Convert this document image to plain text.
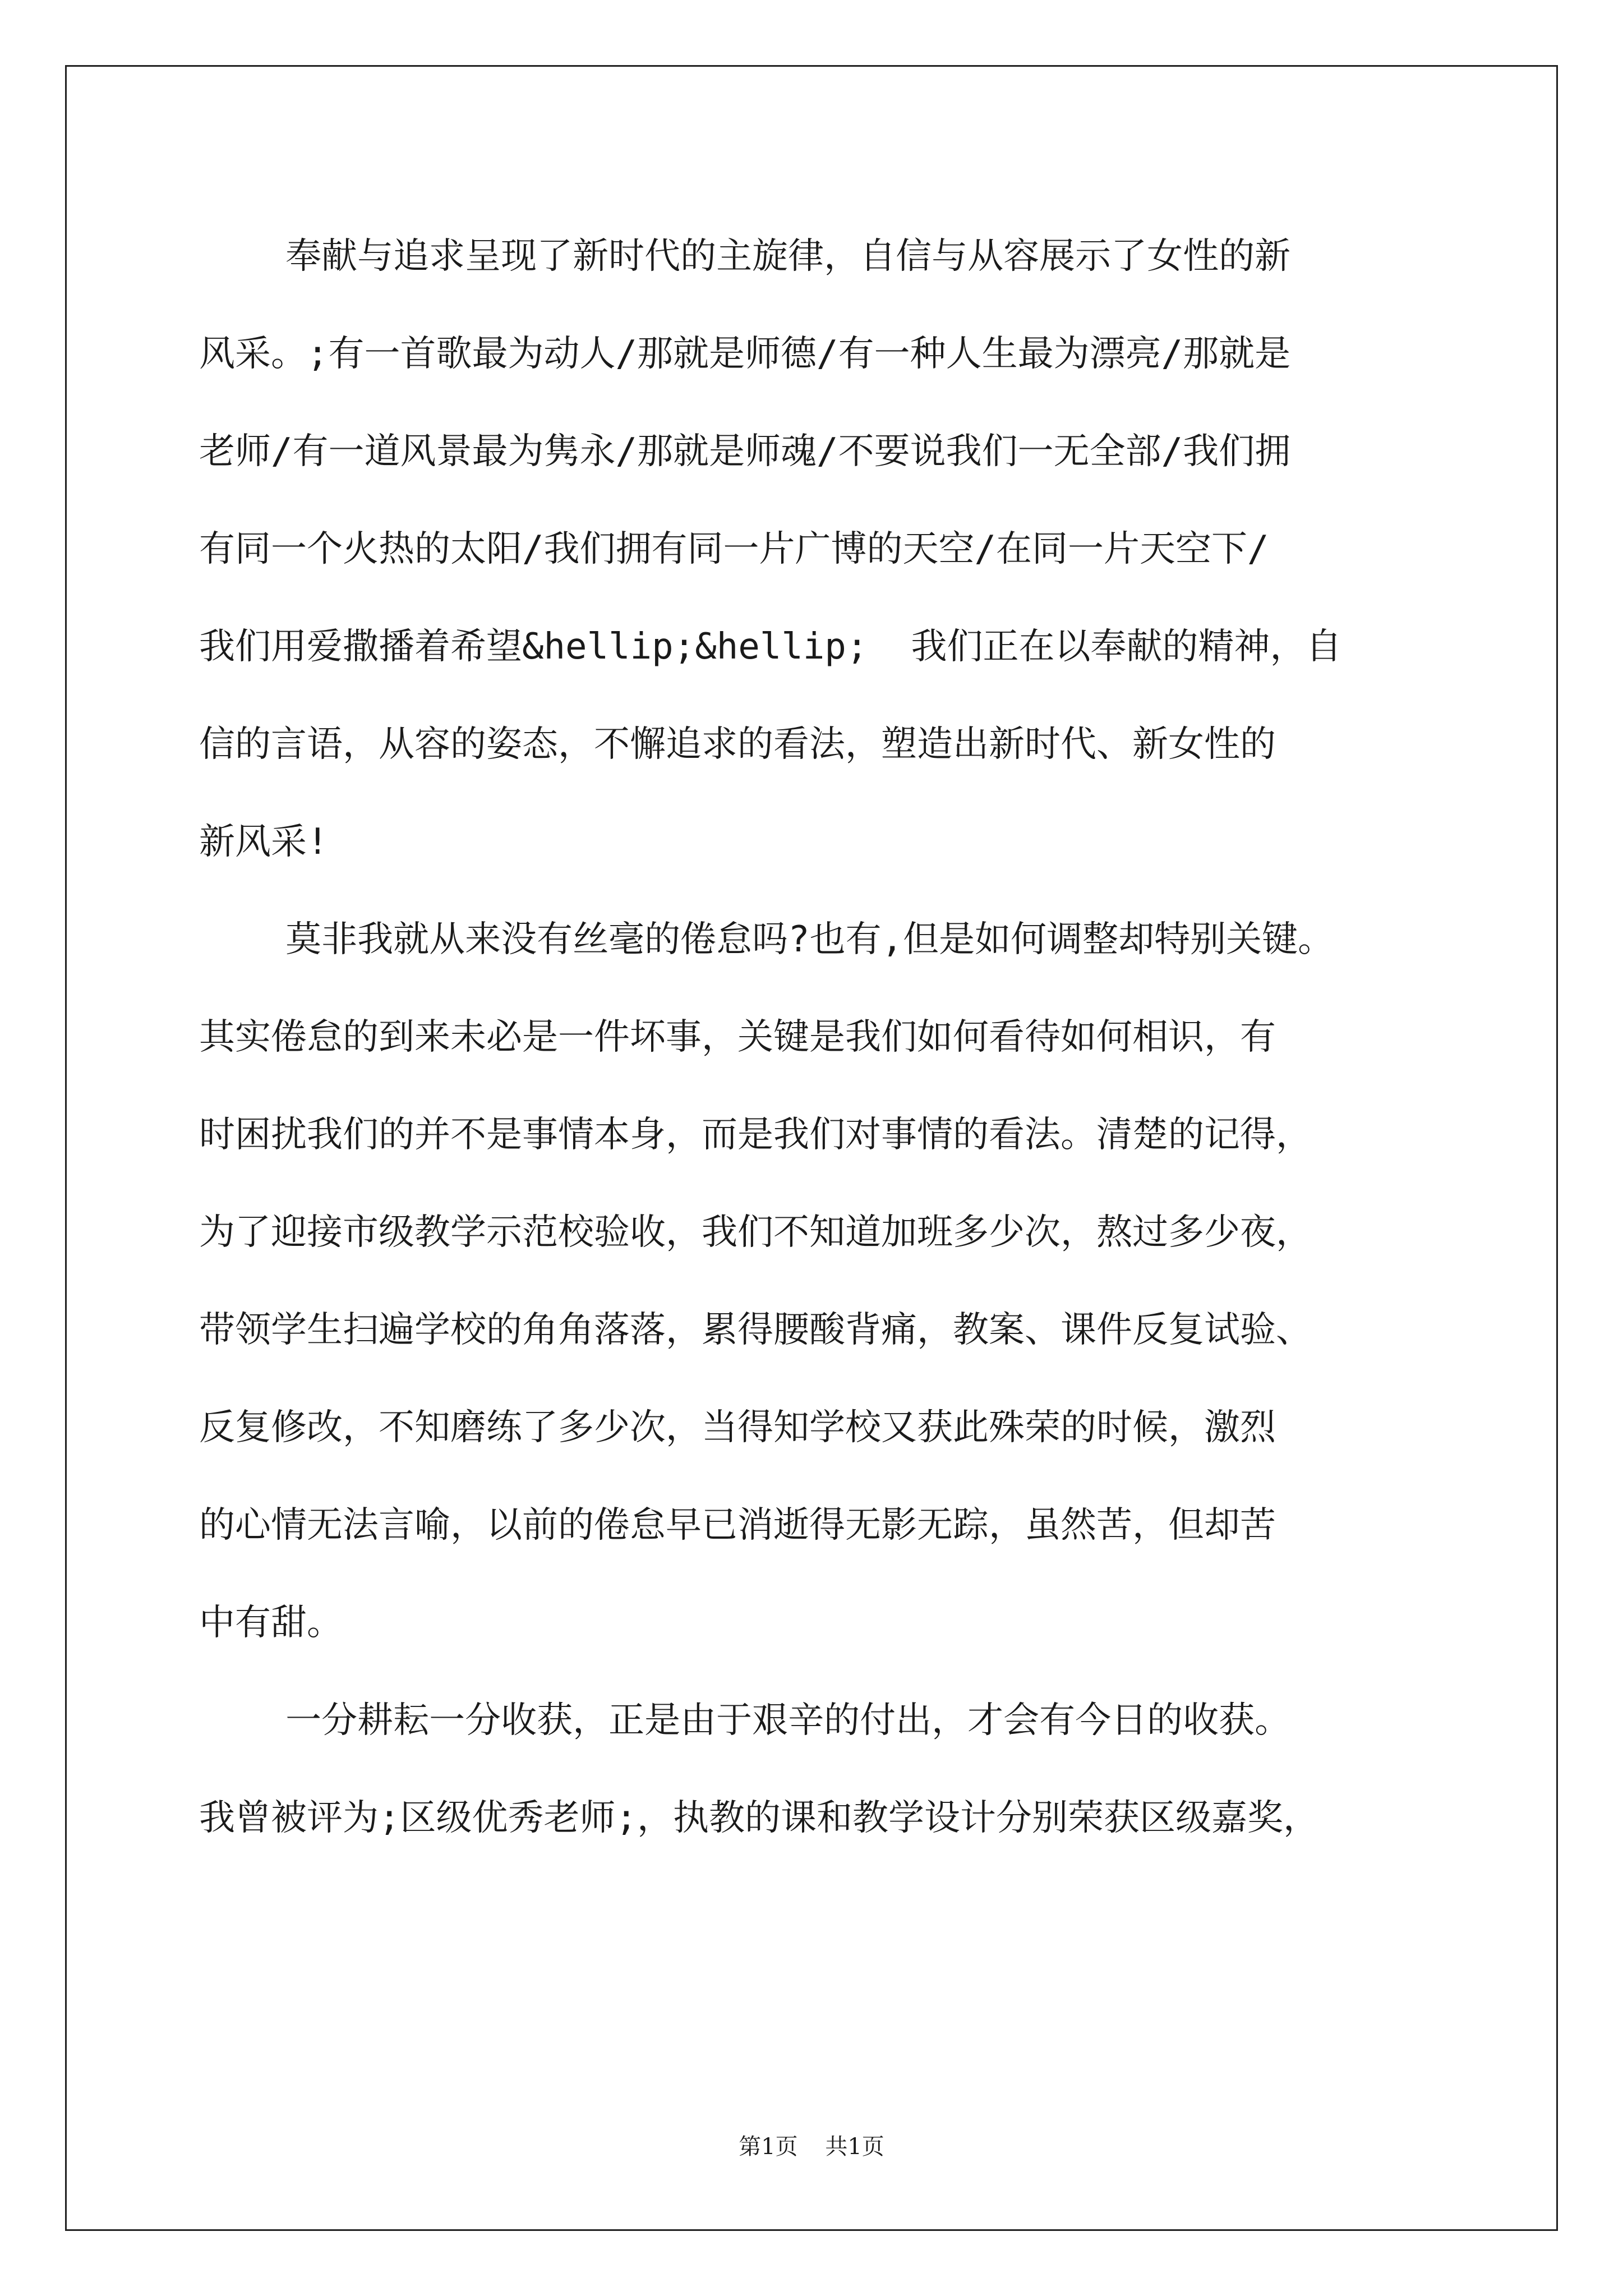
奉献与追求呈现了新时代的主旋律，自信与从容展示了女性的新
风采。;有一首歌最为动人/那就是师德/有一种人生最为漂亮/那就是
老师/有一道风景最为隽永/那就是师魂/不要说我们一无全部/我们拥
有同一个火热的太阳/我们拥有同一片广博的天空/在同一片天空下/
我们用爱撒播着希望&hellip;&hellip;  我们正在以奉献的精神，自
信的言语，从容的姿态，不懈追求的看法，塑造出新时代、新女性的
新风采!
莫非我就从来没有丝毫的倦怠吗?也有,但是如何调整却特别关键。
其实倦怠的到来未必是一件坏事，关键是我们如何看待如何相识，有
时困扰我们的并不是事情本身，而是我们对事情的看法。清楚的记得，
为了迎接市级教学示范校验收，我们不知道加班多少次，熬过多少夜，
带领学生扫遍学校的角角落落，累得腰酸背痛，教案、课件反复试验、
反复修改，不知磨练了多少次，当得知学校又获此殊荣的时候，激烈
的心情无法言喻，以前的倦怠早已消逝得无影无踪，虽然苦，但却苦
中有甜。
一分耕耘一分收获，正是由于艰辛的付出，才会有今日的收获。
我曾被评为;区级优秀老师;，执教的课和教学设计分别荣获区级嘉奖，
第1页 共1页
